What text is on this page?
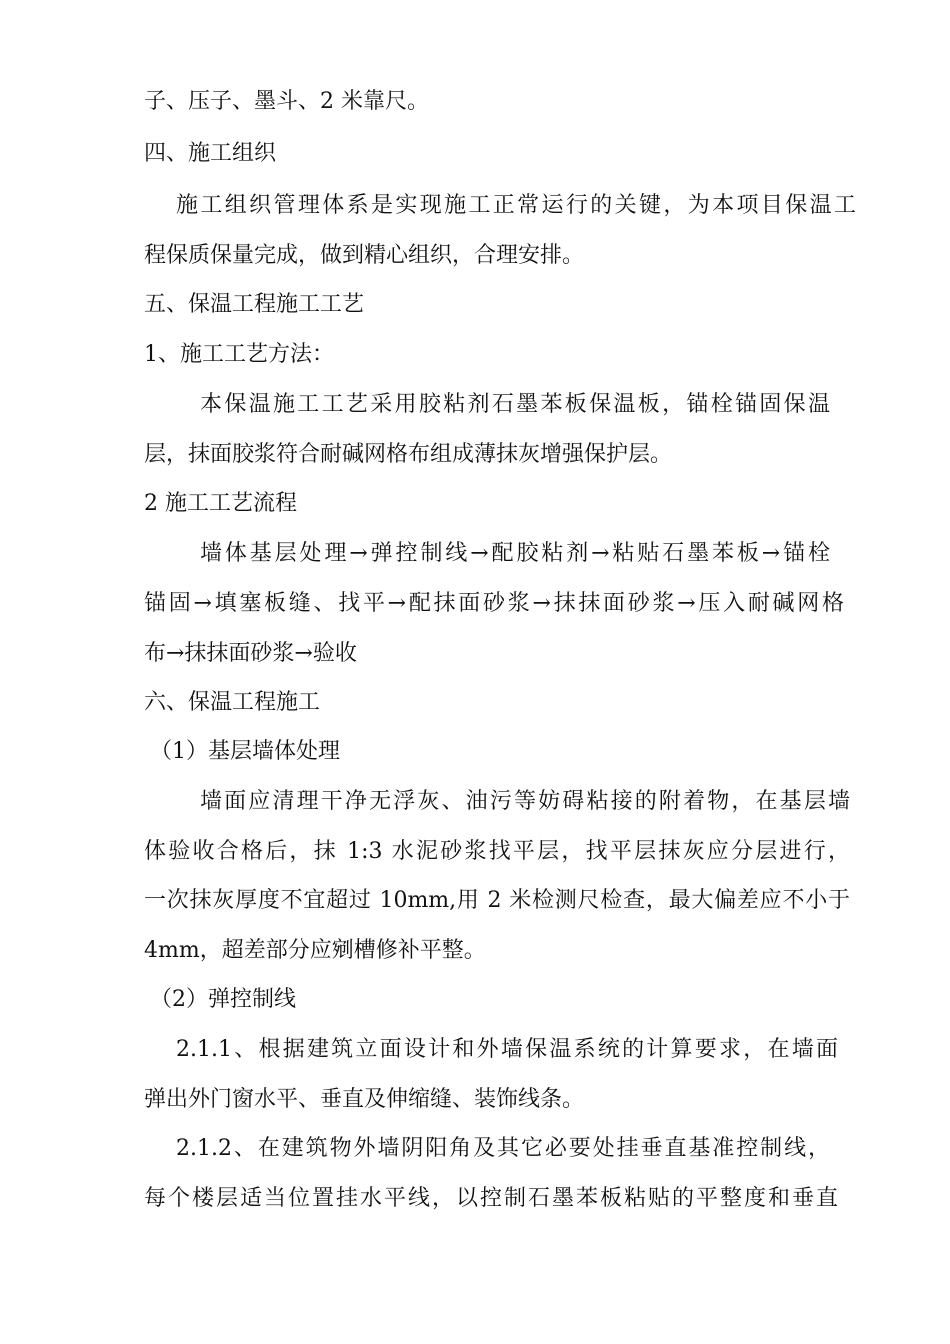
子、压子、墨斗、2 米靠尺。
四、施工组织
施工组织管理体系是实现施工正常运行的关键，为本项目保温工
程保质保量完成，做到精心组织，合理安排。
五、保温工程施工工艺
1、施工工艺方法：
本保温施工工艺采用胶粘剂石墨苯板保温板，锚栓锚固保温
层，抹面胶浆符合耐碱网格布组成薄抹灰增强保护层。
2 施工工艺流程
墙体基层处理→弹控制线→配胶粘剂→粘贴石墨苯板→锚栓
锚固→填塞板缝、找平→配抹面砂浆→抹抹面砂浆→压入耐碱网格
布→抹抹面砂浆→验收
六、保温工程施工
（1）基层墙体处理
墙面应清理干净无浮灰、油污等妨碍粘接的附着物，在基层墙
体验收合格后，抹 1:3 水泥砂浆找平层，找平层抹灰应分层进行，
一次抹灰厚度不宜超过 10mm,用 2 米检测尺检查，最大偏差应不小于
4mm，超差部分应剜槽修补平整。
（2）弹控制线
2.1.1、根据建筑立面设计和外墙保温系统的计算要求，在墙面
弹出外门窗水平、垂直及伸缩缝、装饰线条。
2.1.2、在建筑物外墙阴阳角及其它必要处挂垂直基准控制线，
每个楼层适当位置挂水平线，以控制石墨苯板粘贴的平整度和垂直
